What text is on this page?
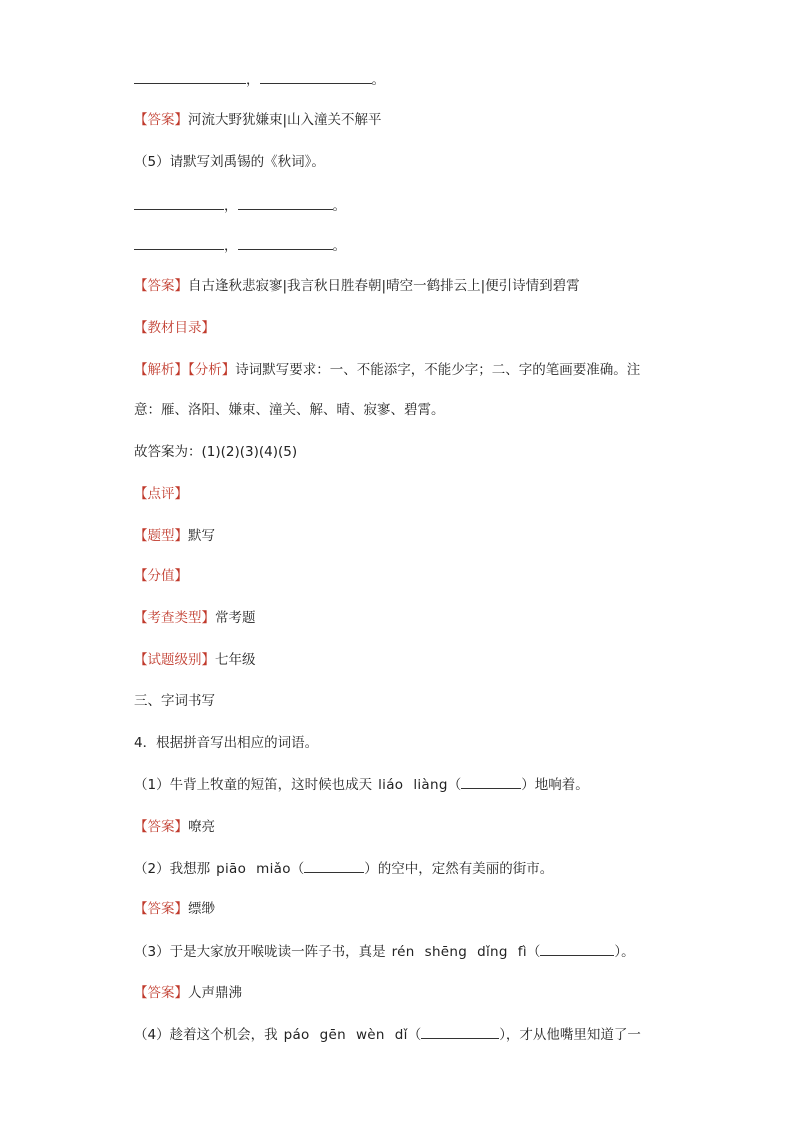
，	。
【答案】河流大野犹嫌束|山入潼关不解平
（5）请默写刘禹锡的《秋词》。
，	。
，	。
【答案】自古逢秋悲寂寥|我言秋日胜春朝|晴空一鹤排云上|便引诗情到碧霄
【教材目录】
【解析】【分析】诗词默写要求：一、不能添字，不能少字；二、字的笔画要准确。注
意：雁、洛阳、嫌束、潼关、解、晴、寂寥、碧霄。
故答案为：(1)(2)(3)(4)(5)
【点评】
【题型】默写
【分值】
【考查类型】常考题
【试题级别】七年级
三、字词书写
4．根据拼音写出相应的词语。
（1）牛背上牧童的短笛，这时候也成天 liáo liàng（	）地响着。
【答案】嘹亮
（2）我想那 piāo miǎo（	）的空中，定然有美丽的街市。
【答案】缥缈
（3）于是大家放开喉咙读一阵子书，真是 rén shēng dǐng fì（	）。
【答案】人声鼎沸
（4）趁着这个机会，我 páo gēn wèn dǐ（	），才从他嘴里知道了一
